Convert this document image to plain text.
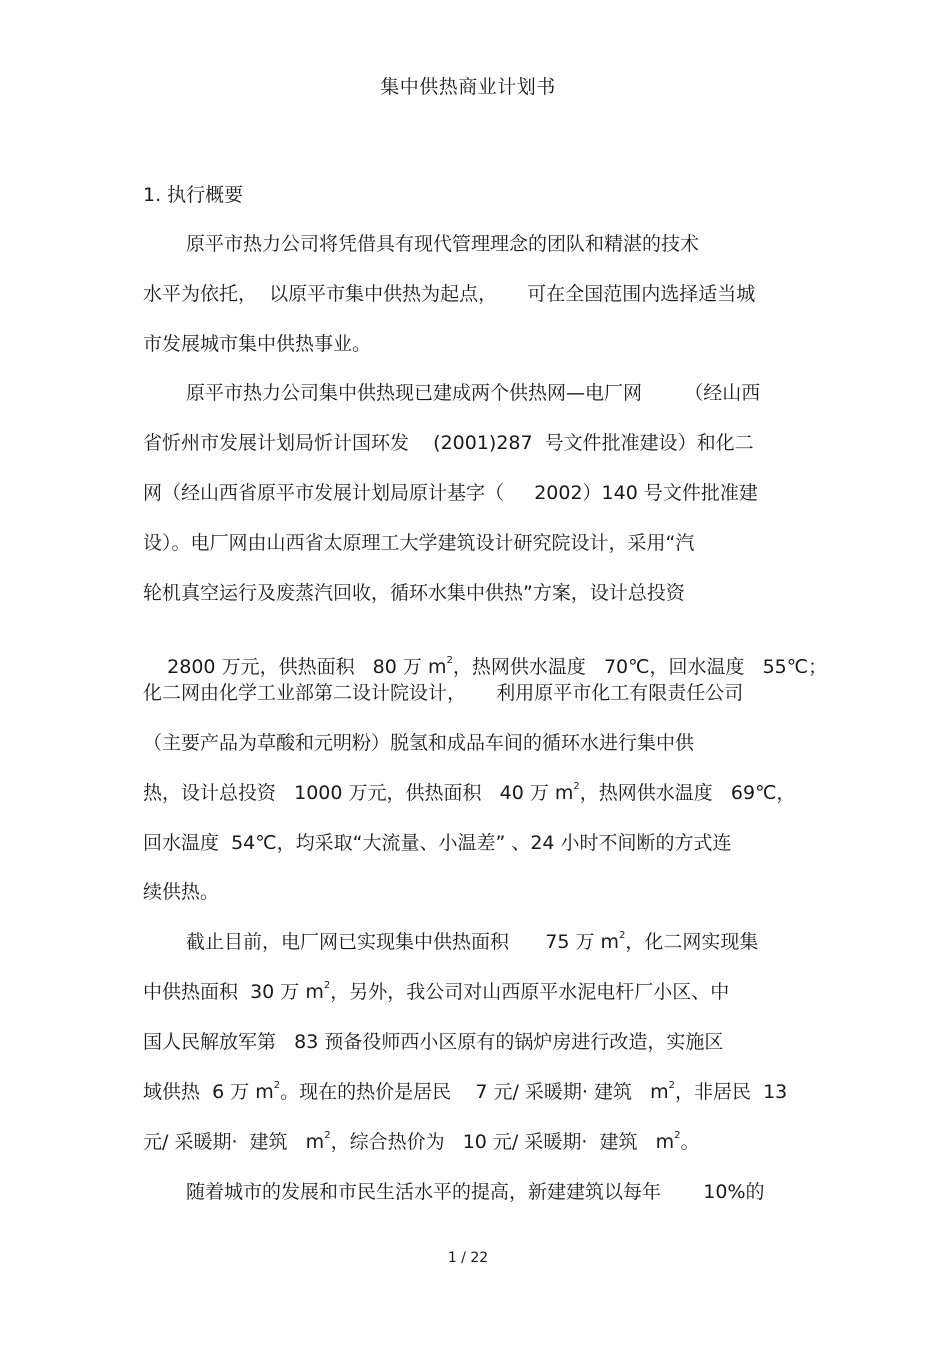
集中供热商业计划书
1. 执行概要
原平市热力公司将凭借具有现代管理理念的团队和精湛的技术
水平为依托，  以原平市集中供热为起点，     可在全国范围内选择适当城
市发展城市集中供热事业。
原平市热力公司集中供热现已建成两个供热网—电厂网       （经山西
省忻州市发展计划局忻计国环发    (2001)287  号文件批准建设）和化二
网（经山西省原平市发展计划局原计基字（     2002）140 号文件批准建
设）。电厂网由山西省太原理工大学建筑设计研究院设计，采用“汽
轮机真空运行及废蒸汽回收，循环水集中供热”方案，设计总投资

2800 万元，供热面积   80 万 $m^2$，热网供水温度   70℃，回水温度   55℃；

化二网由化学工业部第二设计院设计，     利用原平市化工有限责任公司
（主要产品为草酸和元明粉）脱氢和成品车间的循环水进行集中供
热，设计总投资   1000 万元，供热面积   40 万 $m^2$，热网供水温度   69℃，
回水温度  54℃，均采取“大流量、小温差” 、24 小时不间断的方式连
续供热。
截止目前，电厂网已实现集中供热面积      75 万 $m^2$，化二网实现集
中供热面积  30 万 $m^2$，另外，我公司对山西原平水泥电杆厂小区、中
国人民解放军第   83 预备役师西小区原有的锅炉房进行改造，实施区
域供热  6 万 $m^2$。现在的热价是居民    7 元/ 采暖期· 建筑   $m^2$，非居民  13
元/ 采暖期·  建筑   $m^2$，综合热价为   10 元/ 采暖期·  建筑   $m^2$。
随着城市的发展和市民生活水平的提高，新建建筑以每年       10%的
1 / 22
